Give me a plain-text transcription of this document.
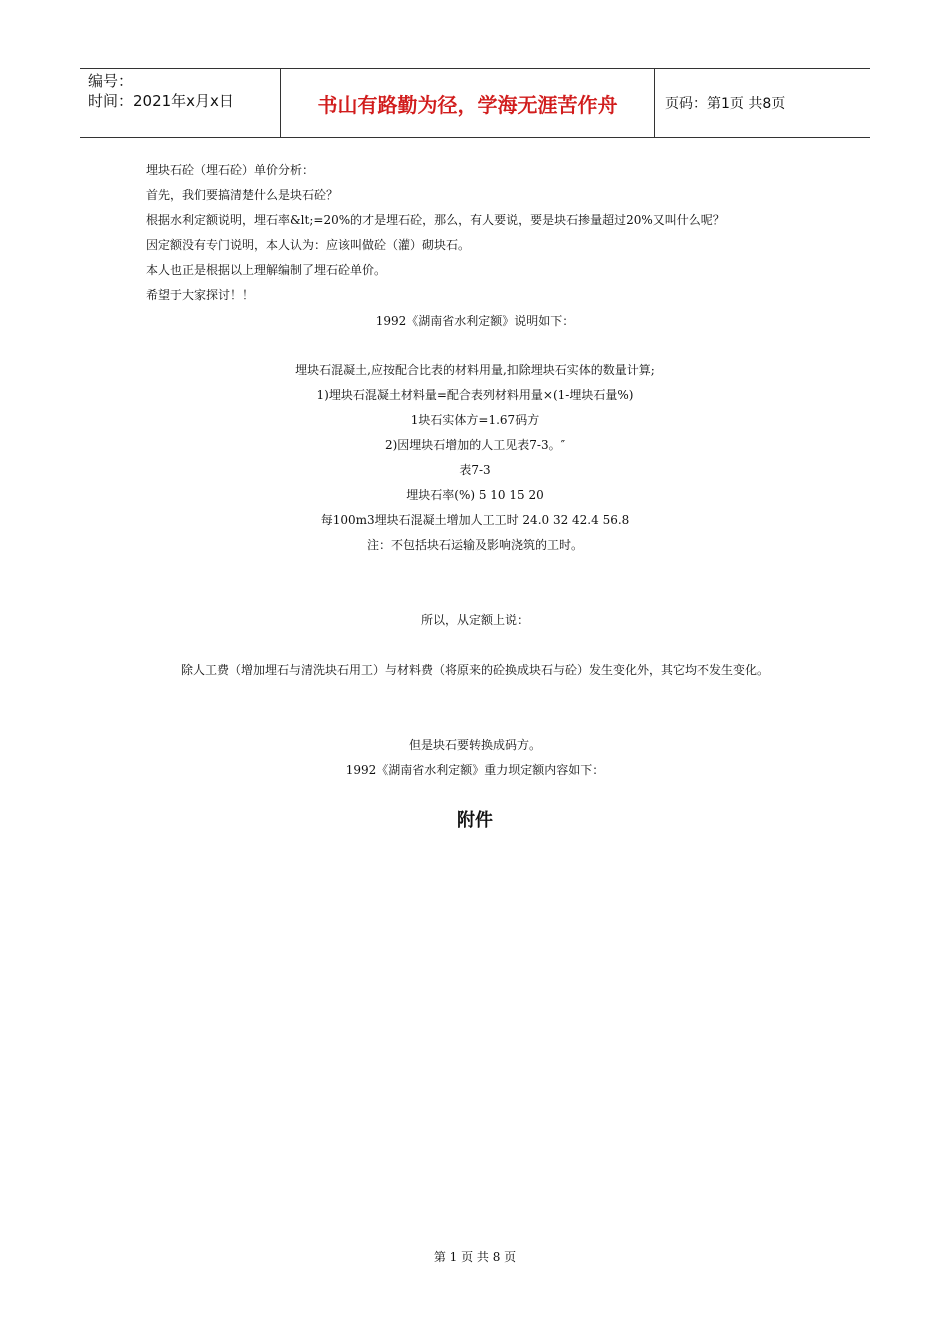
编号：
时间：2021年x月x日	书山有路勤为径，学海无涯苦作舟	页码：第1页 共8页
埋块石砼（埋石砼）单价分析：
首先，我们要搞清楚什么是块石砼？
根据水利定额说明，埋石率&lt;=20%的才是埋石砼，那么，有人要说，要是块石掺量超过20%又叫什么呢？
因定额没有专门说明，本人认为：应该叫做砼（灌）砌块石。
本人也正是根据以上理解编制了埋石砼单价。
希望于大家探讨！！
1992《湖南省水利定额》说明如下：
埋块石混凝土,应按配合比表的材料用量,扣除埋块石实体的数量计算;
1)埋块石混凝土材料量=配合表列材料用量×(1-埋块石量%)
1块石实体方=1.67码方
2)因埋块石增加的人工见表7-3。″
表7-3
埋块石率(%) 5 10 15 20
每100m3埋块石混凝土增加人工工时 24.0 32 42.4 56.8
注：不包括块石运输及影响浇筑的工时。
所以，从定额上说：
除人工费（增加埋石与清洗块石用工）与材料费（将原来的砼换成块石与砼）发生变化外，其它均不发生变化。
但是块石要转换成码方。
1992《湖南省水利定额》重力坝定额内容如下：
附件
第 1 页 共 8 页
